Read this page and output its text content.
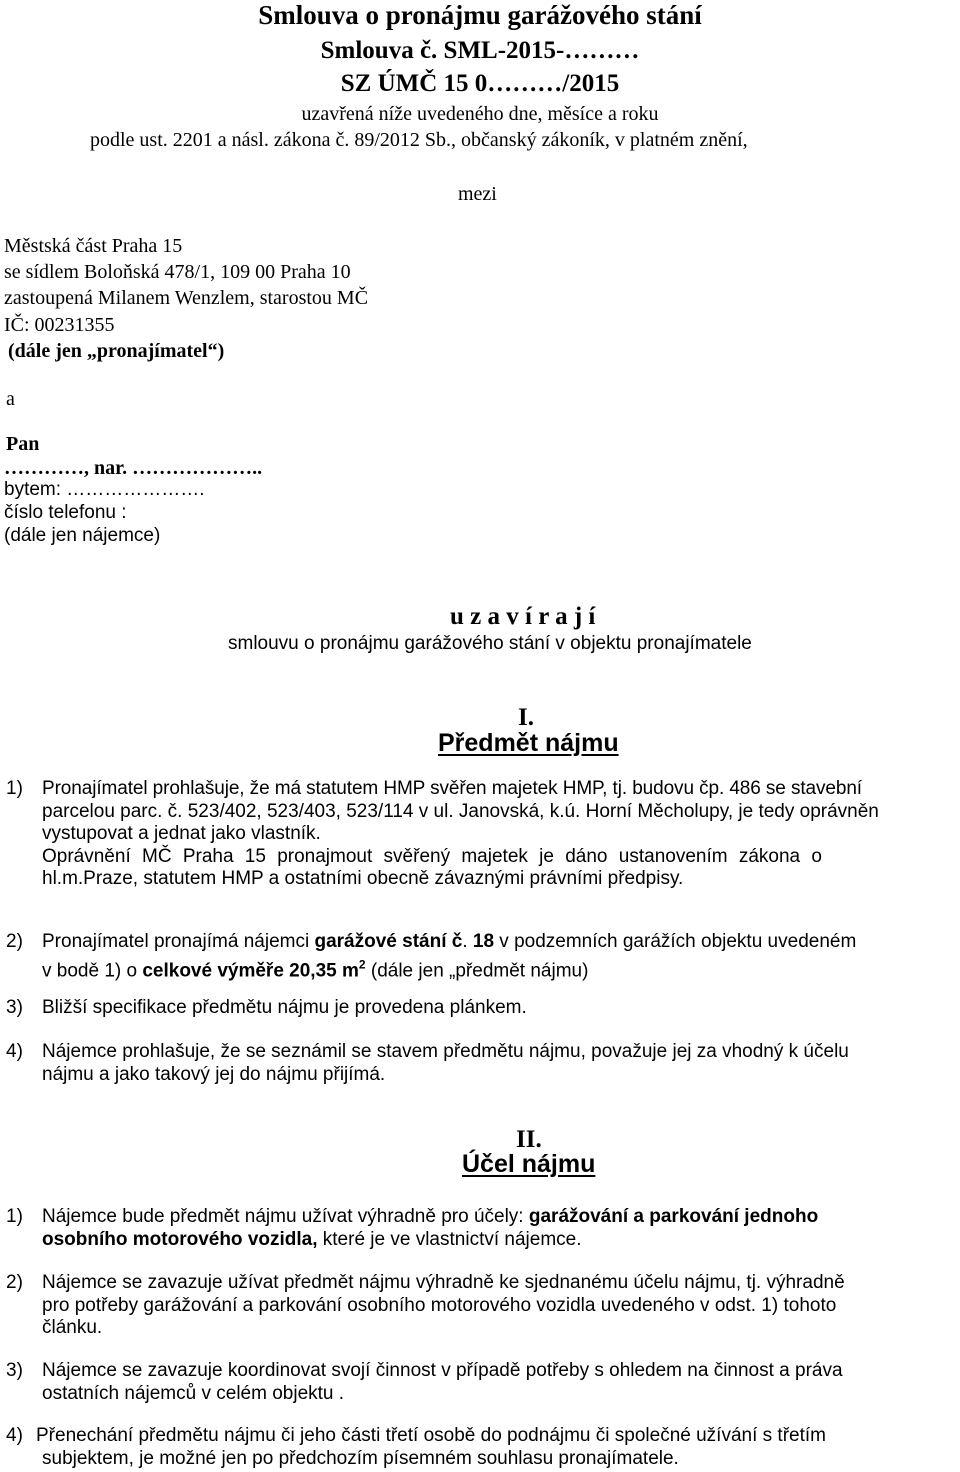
Smlouva o pronájmu garážového stání
Smlouva č. SML-2015-………
SZ ÚMČ 15 0………/2015
uzavřená níže uvedeného dne, měsíce a roku
podle ust. 2201 a násl. zákona č. 89/2012 Sb., občanský zákoník, v platném znění,
mezi
Městská část Praha 15
se sídlem Boloňská 478/1, 109 00 Praha 10
zastoupená Milanem Wenzlem, starostou MČ
IČ: 00231355
(dále jen „pronajímatel“)
a
Pan
…………, nar. ………………..
bytem: ………………….
číslo telefonu :
(dále jen nájemce)
u z a v í r a j í
smlouvu o pronájmu garážového stání v objektu pronajímatele
I.
Předmět nájmu
1) Pronajímatel prohlašuje, že má statutem HMP svěřen majetek HMP, tj. budovu čp. 486 se stavební
parcelou parc. č. 523/402, 523/403, 523/114 v ul. Janovská, k.ú. Horní Měcholupy, je tedy oprávněn
vystupovat a jednat jako vlastník.
Oprávnění MČ Praha 15 pronajmout svěřený majetek je dáno ustanovením zákona o
hl.m.Praze, statutem HMP a ostatními obecně závaznými právními předpisy.
2) Pronajímatel pronajímá nájemci garážové stání č. 18 v podzemních garážích objektu uvedeném
v bodě 1) o celkové výměře 20,35 $m^2$ (dále jen „předmět nájmu)
3) Bližší specifikace předmětu nájmu je provedena plánkem.
4) Nájemce prohlašuje, že se seznámil se stavem předmětu nájmu, považuje jej za vhodný k účelu
nájmu a jako takový jej do nájmu přijímá.
II.
Účel nájmu
1) Nájemce bude předmět nájmu užívat výhradně pro účely: garážování a parkování jednoho
osobního motorového vozidla, které je ve vlastnictví nájemce.
2) Nájemce se zavazuje užívat předmět nájmu výhradně ke sjednanému účelu nájmu, tj. výhradně
pro potřeby garážování a parkování osobního motorového vozidla uvedeného v odst. 1) tohoto
článku.
3) Nájemce se zavazuje koordinovat svojí činnost v případě potřeby s ohledem na činnost a práva
ostatních nájemců v celém objektu .
4) Přenechání předmětu nájmu či jeho části třetí osobě do podnájmu či společné užívání s třetím
subjektem, je možné jen po předchozím písemném souhlasu pronajímatele.
